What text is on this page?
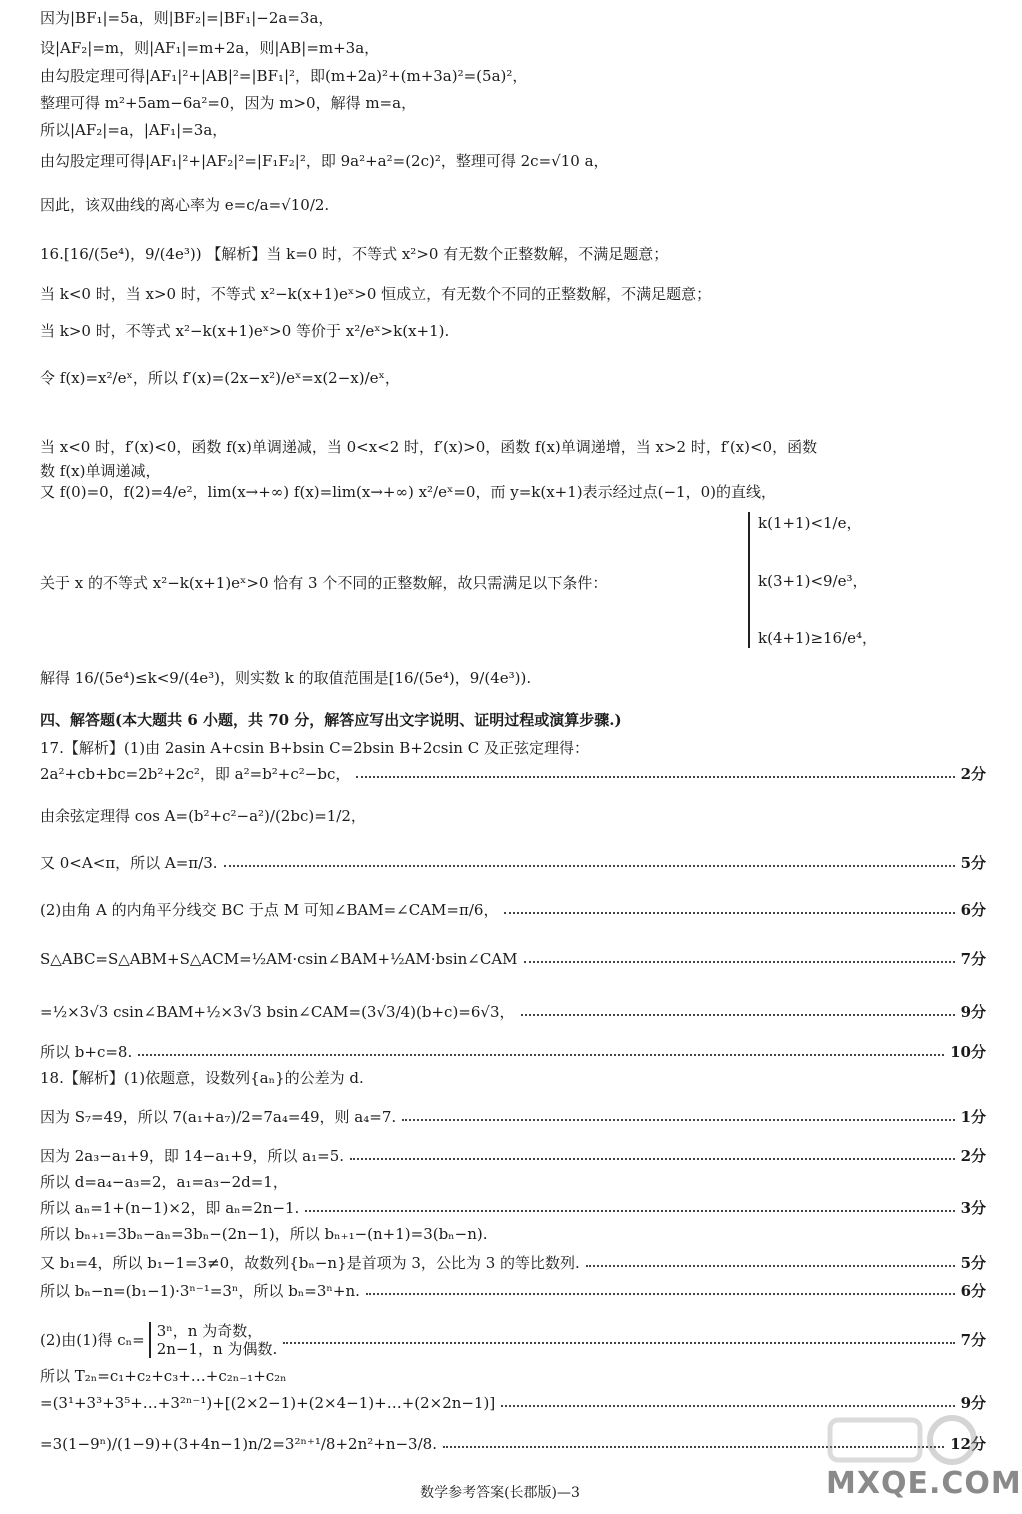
因为|BF₁|=5a，则|BF₂|=|BF₁|−2a=3a，
设|AF₂|=m，则|AF₁|=m+2a，则|AB|=m+3a，
由勾股定理可得|AF₁|²+|AB|²=|BF₁|²，即(m+2a)²+(m+3a)²=(5a)²，
整理可得 m²+5am−6a²=0，因为 m>0，解得 m=a，
所以|AF₂|=a，|AF₁|=3a，
由勾股定理可得|AF₁|²+|AF₂|²=|F₁F₂|²，即 9a²+a²=(2c)²，整理可得 2c=√10 a，
因此，该双曲线的离心率为 e=c/a=√10/2.
16.[16/(5e⁴)，9/(4e³)) 【解析】当 k=0 时，不等式 x²>0 有无数个正整数解，不满足题意；
当 k<0 时，当 x>0 时，不等式 x²−k(x+1)eˣ>0 恒成立，有无数个不同的正整数解，不满足题意；
当 k>0 时，不等式 x²−k(x+1)eˣ>0 等价于 x²/eˣ>k(x+1).
令 f(x)=x²/eˣ，所以 f′(x)=(2x−x²)/eˣ=x(2−x)/eˣ，
当 x<0 时，f′(x)<0，函数 f(x)单调递减，当 0<x<2 时，f′(x)>0，函数 f(x)单调递增，当 x>2 时，f′(x)<0，函数
数 f(x)单调递减，
又 f(0)=0，f(2)=4/e²，lim(x→+∞) f(x)=lim(x→+∞) x²/eˣ=0，而 y=k(x+1)表示经过点(−1，0)的直线，
关于 x 的不等式 x²−k(x+1)eˣ>0 恰有 3 个不同的正整数解，故只需满足以下条件：
k(1+1)<1/e，
k(3+1)<9/e³，
k(4+1)≥16/e⁴，
解得 16/(5e⁴)≤k<9/(4e³)，则实数 k 的取值范围是[16/(5e⁴)，9/(4e³)).
四、解答题(本大题共 6 小题，共 70 分，解答应写出文字说明、证明过程或演算步骤.)
17.【解析】(1)由 2asin A+csin B+bsin C=2bsin B+2csin C 及正弦定理得：
2a²+cb+bc=2b²+2c²，即 a²=b²+c²−bc，	2分
由余弦定理得 cos A=(b²+c²−a²)/(2bc)=1/2，
又 0<A<π，所以 A=π/3.	5分
(2)由角 A 的内角平分线交 BC 于点 M 可知∠BAM=∠CAM=π/6，	6分
S△ABC=S△ABM+S△ACM=½AM·csin∠BAM+½AM·bsin∠CAM	7分
=½×3√3 csin∠BAM+½×3√3 bsin∠CAM=(3√3/4)(b+c)=6√3，	9分
所以 b+c=8.	10分
18.【解析】(1)依题意，设数列{aₙ}的公差为 d.
因为 S₇=49，所以 7(a₁+a₇)/2=7a₄=49，则 a₄=7.	1分
因为 2a₃−a₁+9，即 14−a₁+9，所以 a₁=5.	2分
所以 d=a₄−a₃=2，a₁=a₃−2d=1，
所以 aₙ=1+(n−1)×2，即 aₙ=2n−1.	3分
所以 bₙ₊₁=3bₙ−aₙ=3bₙ−(2n−1)，所以 bₙ₊₁−(n+1)=3(bₙ−n).
又 b₁=4，所以 b₁−1=3≠0，故数列{bₙ−n}是首项为 3，公比为 3 的等比数列.	5分
所以 bₙ−n=(b₁−1)·3ⁿ⁻¹=3ⁿ，所以 bₙ=3ⁿ+n.	6分
(2)由(1)得 cₙ= 3ⁿ，n 为奇数，
2n−1，n 为偶数.	7分
所以 T₂ₙ=c₁+c₂+c₃+…+c₂ₙ₋₁+c₂ₙ
=(3¹+3³+3⁵+…+3²ⁿ⁻¹)+[(2×2−1)+(2×4−1)+…+(2×2n−1)]	9分
=3(1−9ⁿ)/(1−9)+(3+4n−1)n/2=3²ⁿ⁺¹/8+2n²+n−3/8.	12分
MXQE.COM
数学参考答案(长郡版)—3
